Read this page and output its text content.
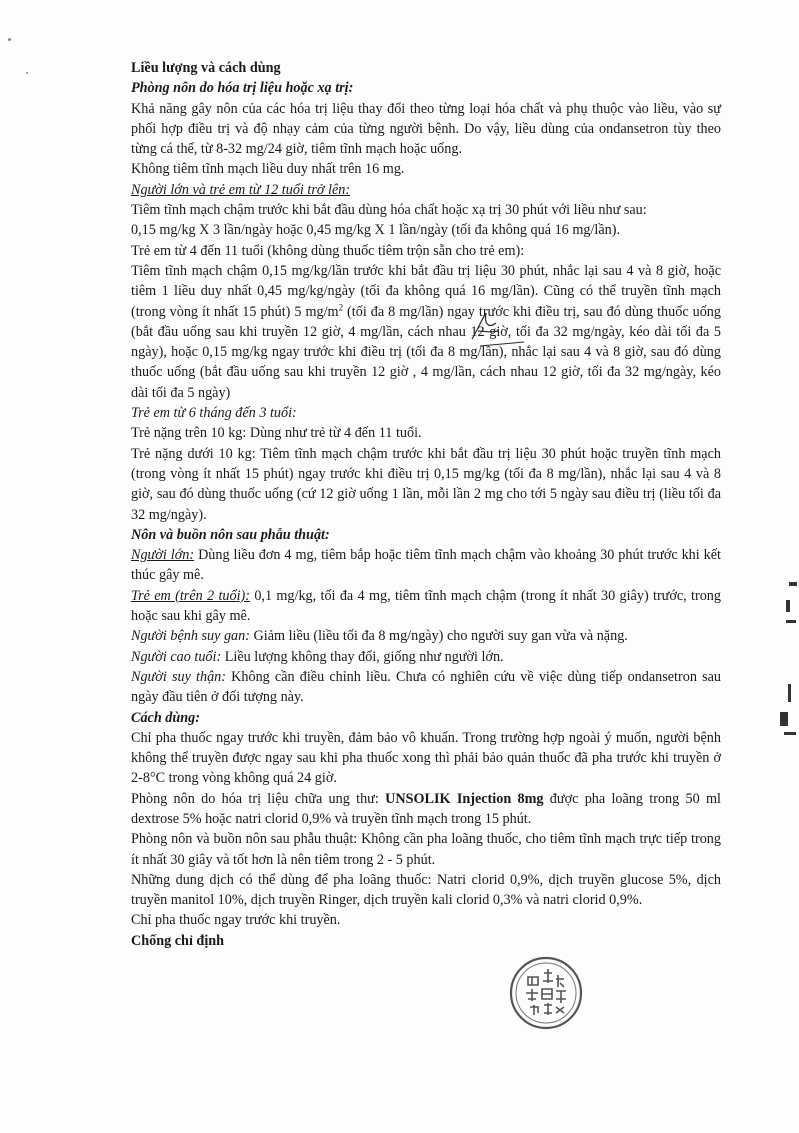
Liều lượng và cách dùng

Phòng nôn do hóa trị liệu hoặc xạ trị:

Khả năng gây nôn của các hóa trị liệu thay đổi theo từng loại hóa chất và phụ thuộc vào liều, vào sự phối hợp điều trị và độ nhạy cảm của từng người bệnh. Do vậy, liều dùng của ondansetron tùy theo từng cá thể, từ 8-32 mg/24 giờ, tiêm tĩnh mạch hoặc uống.

Không tiêm tĩnh mạch liều duy nhất trên 16 mg.

Người lớn và trẻ em từ 12 tuổi trở lên:

Tiêm tĩnh mạch chậm trước khi bắt đầu dùng hóa chất hoặc xạ trị 30 phút với liều như sau:

0,15 mg/kg X 3 lần/ngày hoặc 0,45 mg/kg X 1 lần/ngày (tối đa không quá 16 mg/lần).

Trẻ em từ 4 đến 11 tuổi (không dùng thuốc tiêm trộn sẵn cho trẻ em):

Tiêm tĩnh mạch chậm 0,15 mg/kg/lần trước khi bắt đầu trị liệu 30 phút, nhắc lại sau 4 và 8 giờ, hoặc tiêm 1 liều duy nhất 0,45 mg/kg/ngày (tối đa không quá 16 mg/lần). Cũng có thể truyền tĩnh mạch (trong vòng ít nhất 15 phút) 5 $mg/m^2$ (tối đa 8 mg/lần) ngay trước khi điều trị, sau đó dùng thuốc uống (bắt đầu uống sau khi truyền 12 giờ, 4 mg/lần, cách nhau 12 giờ, tối đa 32 mg/ngày, kéo dài tối đa 5 ngày), hoặc 0,15 mg/kg ngay trước khi điều trị (tối đa 8 mg/lần), nhắc lại sau 4 và 8 giờ, sau đó dùng thuốc uống (bắt đầu uống sau khi truyền 12 giờ , 4 mg/lần, cách nhau 12 giờ, tối đa 32 mg/ngày, kéo dài tối đa 5 ngày)

Trẻ em từ 6 tháng đến 3 tuổi:

Trẻ nặng trên 10 kg: Dùng như trẻ từ 4 đến 11 tuổi.

Trẻ nặng dưới 10 kg: Tiêm tĩnh mạch chậm trước khi bắt đầu trị liệu 30 phút hoặc truyền tĩnh mạch (trong vòng ít nhất 15 phút) ngay trước khi điều trị 0,15 mg/kg (tối đa 8 mg/lần), nhắc lại sau 4 và 8 giờ, sau đó dùng thuốc uống (cứ 12 giờ uống 1 lần, mỗi lần 2 mg cho tới 5 ngày sau điều trị (liều tối đa 32 mg/ngày).

Nôn và buồn nôn sau phẫu thuật:

Người lớn: Dùng liều đơn 4 mg, tiêm bắp hoặc tiêm tĩnh mạch chậm vào khoảng 30 phút trước khi kết thúc gây mê.

Trẻ em (trên 2 tuổi): 0,1 mg/kg, tối đa 4 mg, tiêm tĩnh mạch chậm (trong ít nhất 30 giây) trước, trong hoặc sau khi gây mê.

Người bệnh suy gan: Giảm liều (liều tối đa 8 mg/ngày) cho người suy gan vừa và nặng.

Người cao tuổi: Liều lượng không thay đổi, giống như người lớn.

Người suy thận: Không cần điều chỉnh liều. Chưa có nghiên cứu về việc dùng tiếp ondansetron sau ngày đầu tiên ở đối tượng này.

Cách dùng:

Chỉ pha thuốc ngay trước khi truyền, đảm bảo vô khuẩn. Trong trường hợp ngoài ý muốn, người bệnh không thể truyền được ngay sau khi pha thuốc xong thì phải bảo quản thuốc đã pha trước khi truyền ở 2-8°C trong vòng không quá 24 giờ.

Phòng nôn do hóa trị liệu chữa ung thư: UNSOLIK Injection 8mg được pha loãng trong 50 ml dextrose 5% hoặc natri clorid 0,9% và truyền tĩnh mạch trong 15 phút.

Phòng nôn và buồn nôn sau phẫu thuật: Không cần pha loãng thuốc, cho tiêm tĩnh mạch trực tiếp trong ít nhất 30 giây và tốt hơn là nên tiêm trong 2 - 5 phút.

Những dung dịch có thể dùng để pha loãng thuốc: Natri clorid 0,9%, dịch truyền glucose 5%, dịch truyền manitol 10%, dịch truyền Ringer, dịch truyền kali clorid 0,3% và natri clorid 0,9%.

Chỉ pha thuốc ngay trước khi truyền.

Chống chỉ định
